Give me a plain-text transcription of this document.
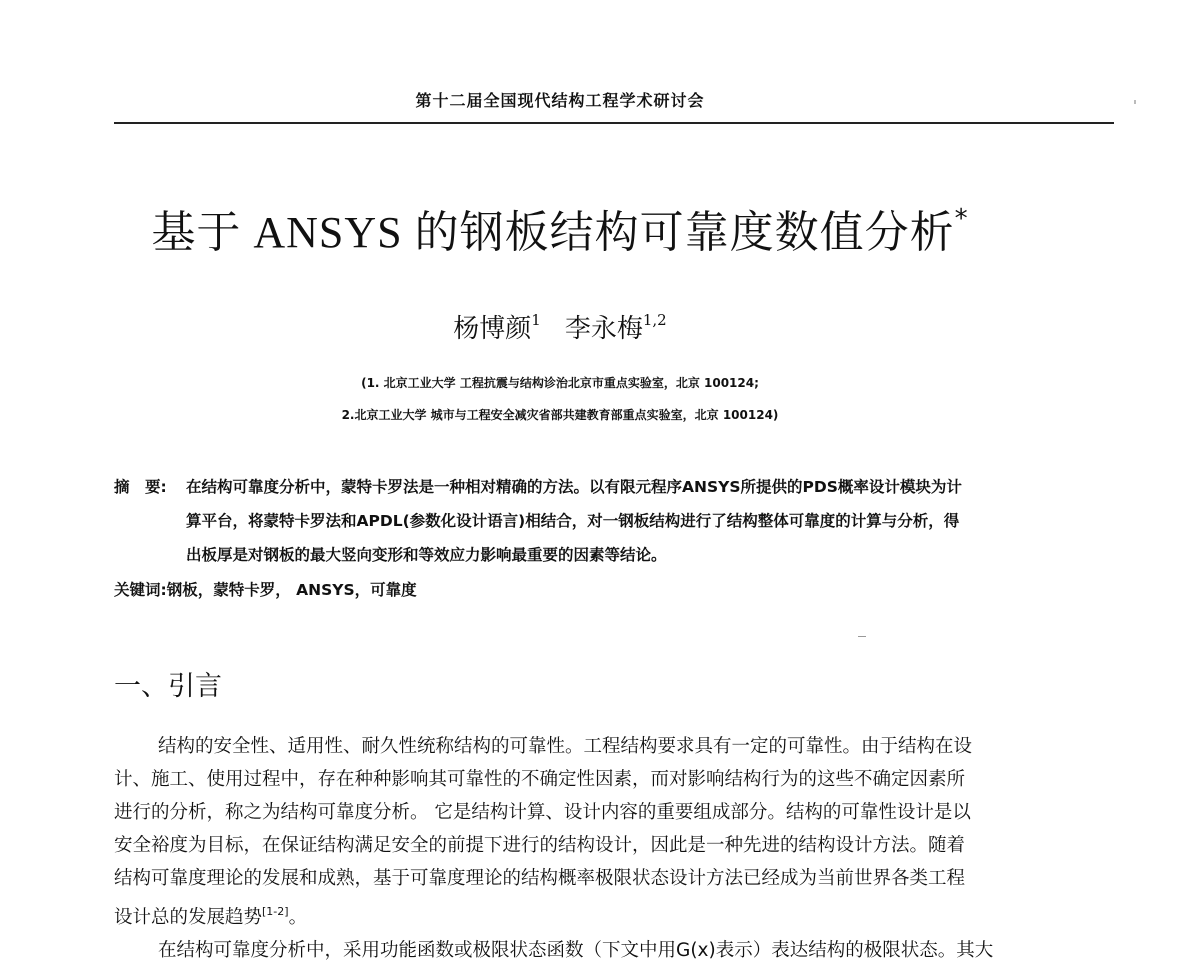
第十二届全国现代结构工程学术研讨会
基于 ANSYS 的钢板结构可靠度数值分析*
杨博颜$^1$ 李永梅$^{1,2}$
(1. 北京工业大学 工程抗震与结构诊治北京市重点实验室，北京 100124;
2.北京工业大学 城市与工程安全减灾省部共建教育部重点实验室，北京 100124)
摘　要: 在结构可靠度分析中，蒙特卡罗法是一种相对精确的方法。以有限元程序ANSYS所提供的PDS概率设计模块为计
算平台，将蒙特卡罗法和APDL(参数化设计语言)相结合，对一钢板结构进行了结构整体可靠度的计算与分析，得
出板厚是对钢板的最大竖向变形和等效应力影响最重要的因素等结论。
关键词:钢板，蒙特卡罗， ANSYS，可靠度
一、引言
结构的安全性、适用性、耐久性统称结构的可靠性。工程结构要求具有一定的可靠性。由于结构在设
计、施工、使用过程中，存在种种影响其可靠性的不确定性因素，而对影响结构行为的这些不确定因素所
进行的分析，称之为结构可靠度分析。 它是结构计算、设计内容的重要组成部分。结构的可靠性设计是以
安全裕度为目标，在保证结构满足安全的前提下进行的结构设计，因此是一种先进的结构设计方法。随着
结构可靠度理论的发展和成熟，基于可靠度理论的结构概率极限状态设计方法已经成为当前世界各类工程
设计总的发展趋势[1-2]。
在结构可靠度分析中，采用功能函数或极限状态函数（下文中用G(x)表示）表达结构的极限状态。其大
